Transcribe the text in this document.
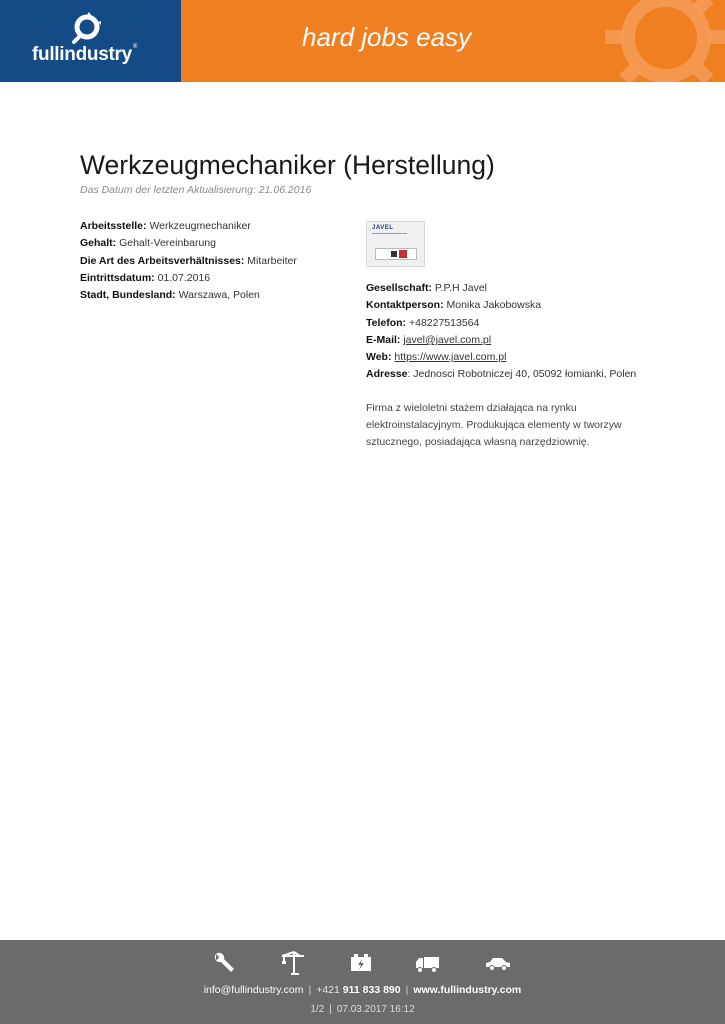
fullindustry®	hard jobs easy
Werkzeugmechaniker (Herstellung)
Das Datum der letzten Aktualisierung: 21.06.2016
Arbeitsstelle: Werkzeugmechaniker
Gehalt: Gehalt-Vereinbarung
Die Art des Arbeitsverhältnisses: Mitarbeiter
Eintrittsdatum: 01.07.2016
Stadt, Bundesland: Warszawa, Polen
JAVEL
Gesellschaft: P.P.H Javel
Kontaktperson: Monika Jakobowska
Telefon: +48227513564
E-Mail: javel@javel.com.pl
Web: https://www.javel.com.pl
Adresse: Jednosci Robotniczej 40, 05092 łomianki, Polen
Firma z wieloletni stażem działająca na rynku elektroinstalacyjnym. Produkująca elementy w tworzyw sztucznego, posiadająca własną narzędziownię.
info@fullindustry.com | +421 911 833 890 | www.fullindustry.com
1/2 | 07.03.2017 16:12
